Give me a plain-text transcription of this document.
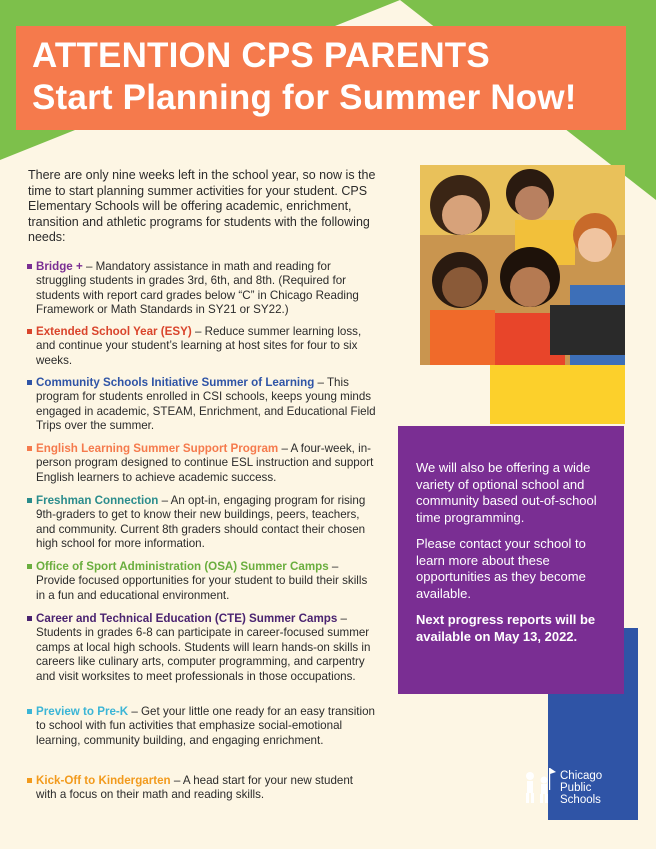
ATTENTION CPS PARENTS
Start Planning for Summer Now!

There are only nine weeks left in the school year, so now is the time to start planning summer activities for your student. CPS Elementary Schools will be offering academic, enrichment, transition and athletic programs for students with the following needs:

Bridge + – Mandatory assistance in math and reading for struggling students in grades 3rd, 6th, and 8th. (Required for students with report card grades below “C” in Chicago Reading Framework or Math Standards in SY21 or SY22.)
Extended School Year (ESY) – Reduce summer learning loss, and continue your student’s learning at host sites for four to six weeks.
Community Schools Initiative Summer of Learning – This program for students enrolled in CSI schools, keeps young minds engaged in academic, STEAM, Enrichment, and Educational Field Trips over the summer.
English Learning Summer Support Program – A four-week, in-person program designed to continue ESL instruction and support English learners to achieve academic success.
Freshman Connection – An opt-in, engaging program for rising 9th-graders to get to know their new buildings, peers, teachers, and community. Current 8th graders should contact their chosen high school for more information.
Office of Sport Administration (OSA) Summer Camps – Provide focused opportunities for your student to build their skills in a fun and educational environment.
Career and Technical Education (CTE) Summer Camps – Students in grades 6-8 can participate in career-focused summer camps at local high schools. Students will learn hands-on skills in careers like culinary arts, computer programming, and carpentry and visit worksites to meet professionals in those occupations.
Preview to Pre-K – Get your little one ready for an easy transition to school with fun activities that emphasize social-emotional learning, community building, and engaging enrichment.
Kick-Off to Kindergarten – A head start for your new student with a focus on their math and reading skills.

We will also be offering a wide variety of optional school and community based out-of-school time programming.

Please contact your school to learn more about these opportunities as they become available.

Next progress reports will be available on May 13, 2022.

Chicago
Public
Schools
